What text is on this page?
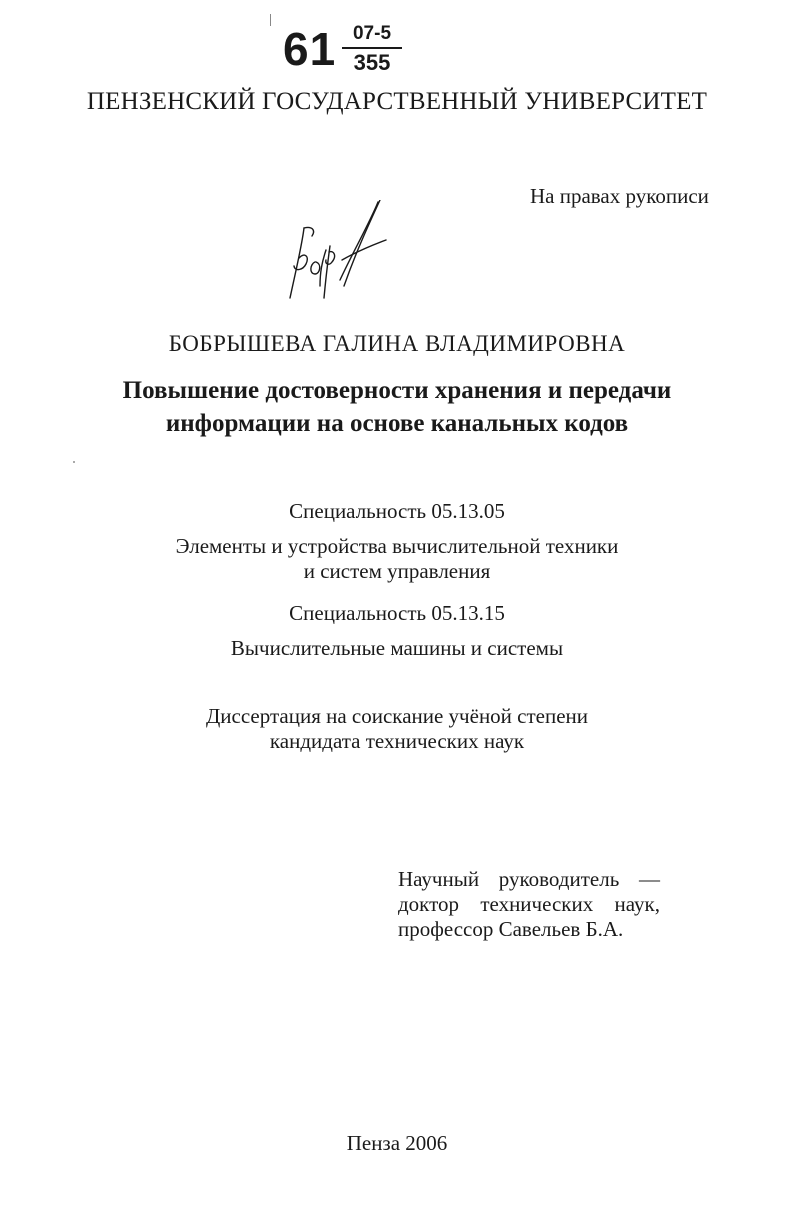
61 07-5
355
ПЕНЗЕНСКИЙ ГОСУДАРСТВЕННЫЙ УНИВЕРСИТЕТ
На правах рукописи
БОБРЫШЕВА ГАЛИНА ВЛАДИМИРОВНА
Повышение достоверности хранения и передачи
информации на основе канальных кодов
Специальность 05.13.05
Элементы и устройства вычислительной техники
и систем управления
Специальность 05.13.15
Вычислительные машины и системы
Диссертация на соискание учёной степени
кандидата технических наук
Научный руководитель —
доктор технических наук,
профессор Савельев Б.А.
Пенза 2006
